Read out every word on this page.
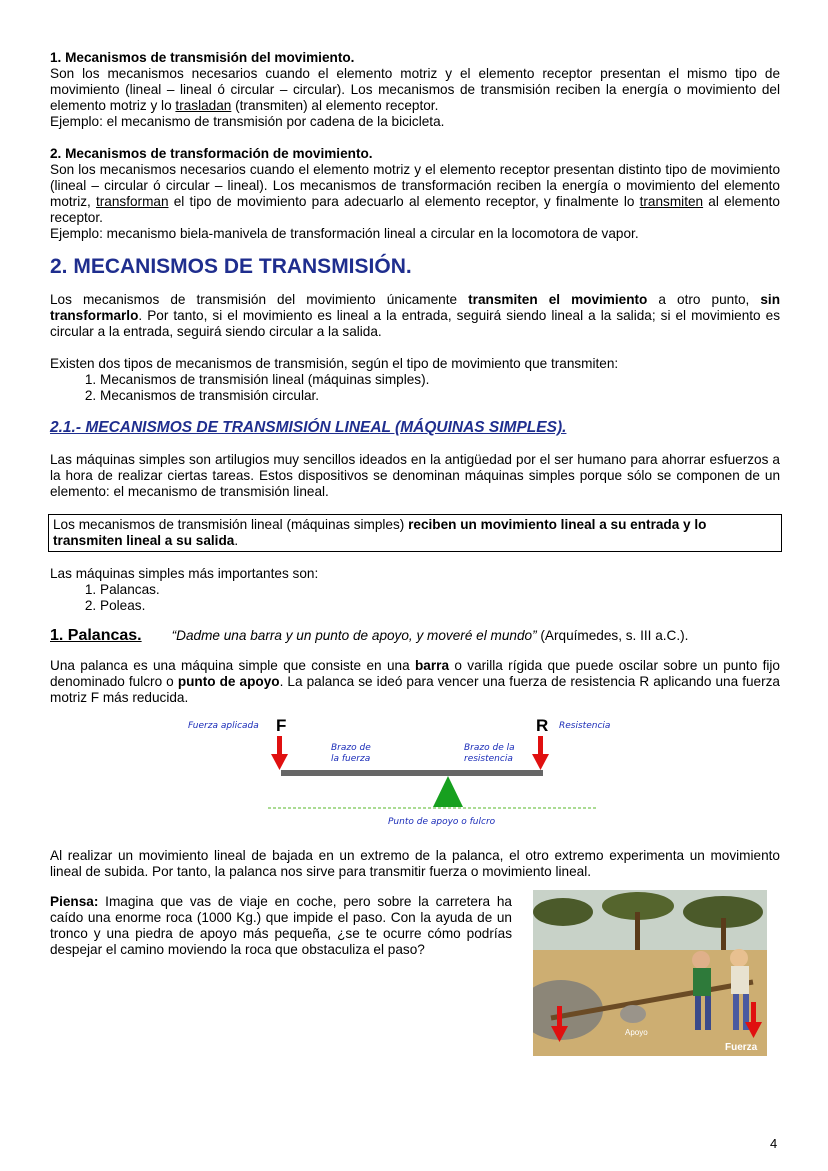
1. Mecanismos de transmisión del movimiento.

Son los mecanismos necesarios cuando el elemento motriz y el elemento receptor presentan el mismo tipo de movimiento (lineal – lineal ó circular – circular). Los mecanismos de transmisión reciben la energía o movimiento del elemento motriz y lo trasladan (transmiten) al elemento receptor.

Ejemplo: el mecanismo de transmisión por cadena de la bicicleta.

2. Mecanismos de transformación de movimiento.

Son los mecanismos necesarios cuando el elemento motriz y el elemento receptor presentan distinto tipo de movimiento (lineal – circular ó circular – lineal). Los mecanismos de transformación reciben la energía o movimiento del elemento motriz, transforman el tipo de movimiento para adecuarlo al elemento receptor, y finalmente lo transmiten al elemento receptor.

Ejemplo: mecanismo biela-manivela de transformación lineal a circular en la locomotora de vapor.

2. MECANISMOS DE TRANSMISIÓN.

Los mecanismos de transmisión del movimiento únicamente transmiten el movimiento a otro punto, sin transformarlo. Por tanto, si el movimiento es lineal a la entrada, seguirá siendo lineal a la salida; si el movimiento es circular a la entrada, seguirá siendo circular a la salida.

Existen dos tipos de mecanismos de transmisión, según el tipo de movimiento que transmiten:

1. Mecanismos de transmisión lineal (máquinas simples).
2. Mecanismos de transmisión circular.
2.1.- MECANISMOS DE TRANSMISIÓN LINEAL (MÁQUINAS SIMPLES).

Las máquinas simples son artilugios muy sencillos ideados en la antigüedad por el ser humano para ahorrar esfuerzos a la hora de realizar ciertas tareas. Estos dispositivos se denominan máquinas simples porque sólo se componen de un elemento: el mecanismo de transmisión lineal.

Los mecanismos de transmisión lineal (máquinas simples) reciben un movimiento lineal a su entrada y lo transmiten lineal a su salida.

Las máquinas simples más importantes son:

1. Palancas.
2. Poleas.
1. Palancas. “Dadme una barra y un punto de apoyo, y moveré el mundo” (Arquímedes, s. III a.C.).

Una palanca es una máquina simple que consiste en una barra o varilla rígida que puede oscilar sobre un punto fijo denominado fulcro o punto de apoyo. La palanca se ideó para vencer una fuerza de resistencia R aplicando una fuerza motriz F más reducida.

Fuerza aplicada F	R Resistencia
Brazo de
la fuerza
Brazo de la
resistencia
Punto de apoyo o fulcro

Al realizar un movimiento lineal de bajada en un extremo de la palanca, el otro extremo experimenta un movimiento lineal de subida. Por tanto, la palanca nos sirve para transmitir fuerza o movimiento lineal.

Piensa: Imagina que vas de viaje en coche, pero sobre la carretera ha caído una enorme roca (1000 Kg.) que impide el paso. Con la ayuda de un tronco y una piedra de apoyo más pequeña, ¿se te ocurre cómo podrías despejar el camino moviendo la roca que obstaculiza el paso?

Apoyo
Fuerza
4
